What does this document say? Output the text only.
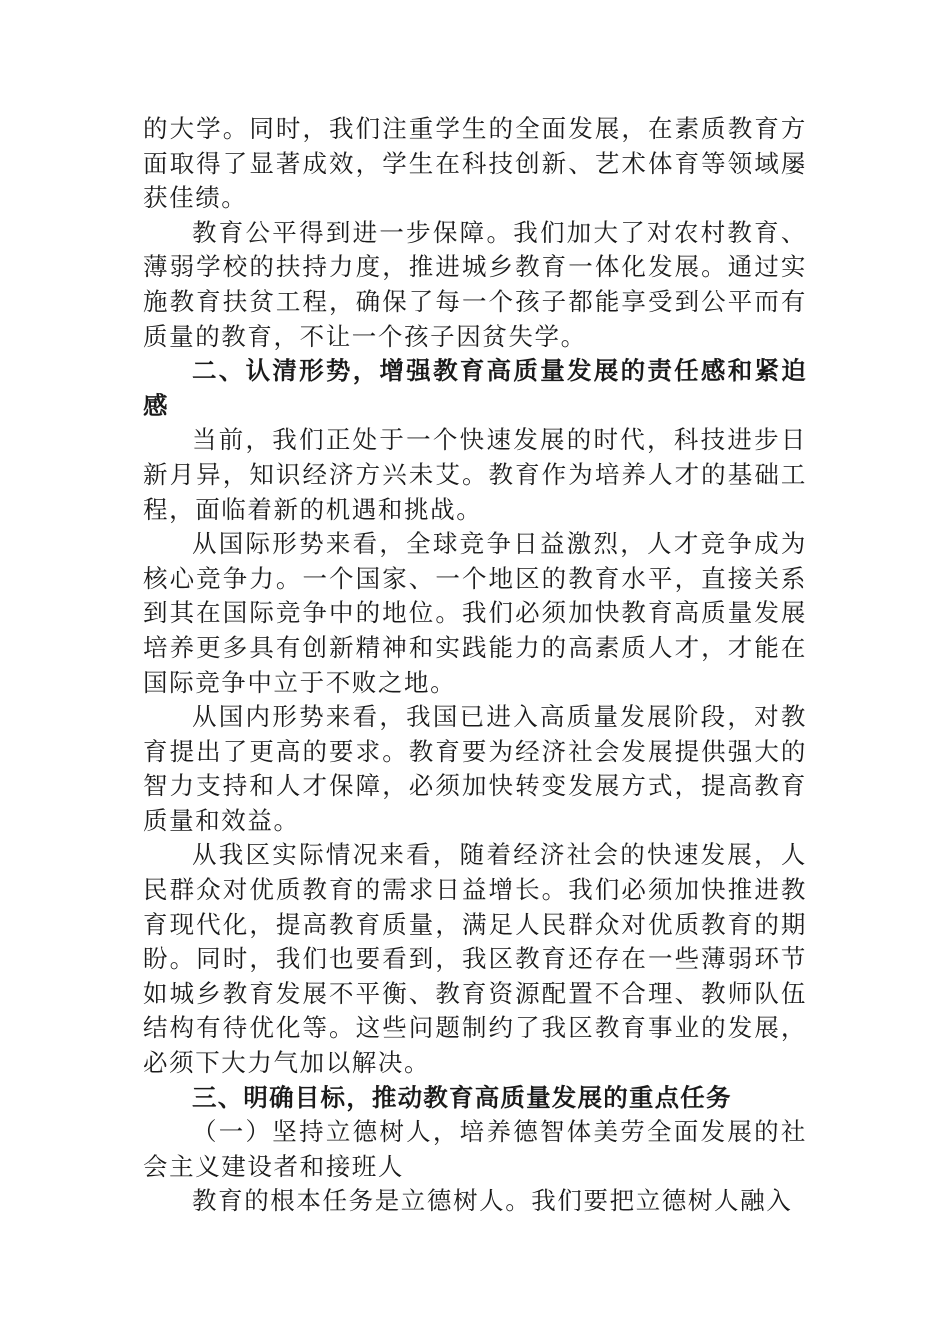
的大学。同时，我们注重学生的全面发展，在素质教育方面取得了显著成效，学生在科技创新、艺术体育等领域屡获佳绩。

教育公平得到进一步保障。我们加大了对农村教育、薄弱学校的扶持力度，推进城乡教育一体化发展。通过实施教育扶贫工程，确保了每一个孩子都能享受到公平而有质量的教育，不让一个孩子因贫失学。

二、认清形势，增强教育高质量发展的责任感和紧迫感

当前，我们正处于一个快速发展的时代，科技进步日新月异，知识经济方兴未艾。教育作为培养人才的基础工程，面临着新的机遇和挑战。

从国际形势来看，全球竞争日益激烈，人才竞争成为核心竞争力。一个国家、一个地区的教育水平，直接关系到其在国际竞争中的地位。我们必须加快教育高质量发展培养更多具有创新精神和实践能力的高素质人才，才能在国际竞争中立于不败之地。

从国内形势来看，我国已进入高质量发展阶段，对教育提出了更高的要求。教育要为经济社会发展提供强大的智力支持和人才保障，必须加快转变发展方式，提高教育质量和效益。

从我区实际情况来看，随着经济社会的快速发展，人民群众对优质教育的需求日益增长。我们必须加快推进教育现代化，提高教育质量，满足人民群众对优质教育的期盼。同时，我们也要看到，我区教育还存在一些薄弱环节如城乡教育发展不平衡、教育资源配置不合理、教师队伍结构有待优化等。这些问题制约了我区教育事业的发展，必须下大力气加以解决。

三、明确目标，推动教育高质量发展的重点任务

（一）坚持立德树人，培养德智体美劳全面发展的社会主义建设者和接班人

教育的根本任务是立德树人。我们要把立德树人融入
